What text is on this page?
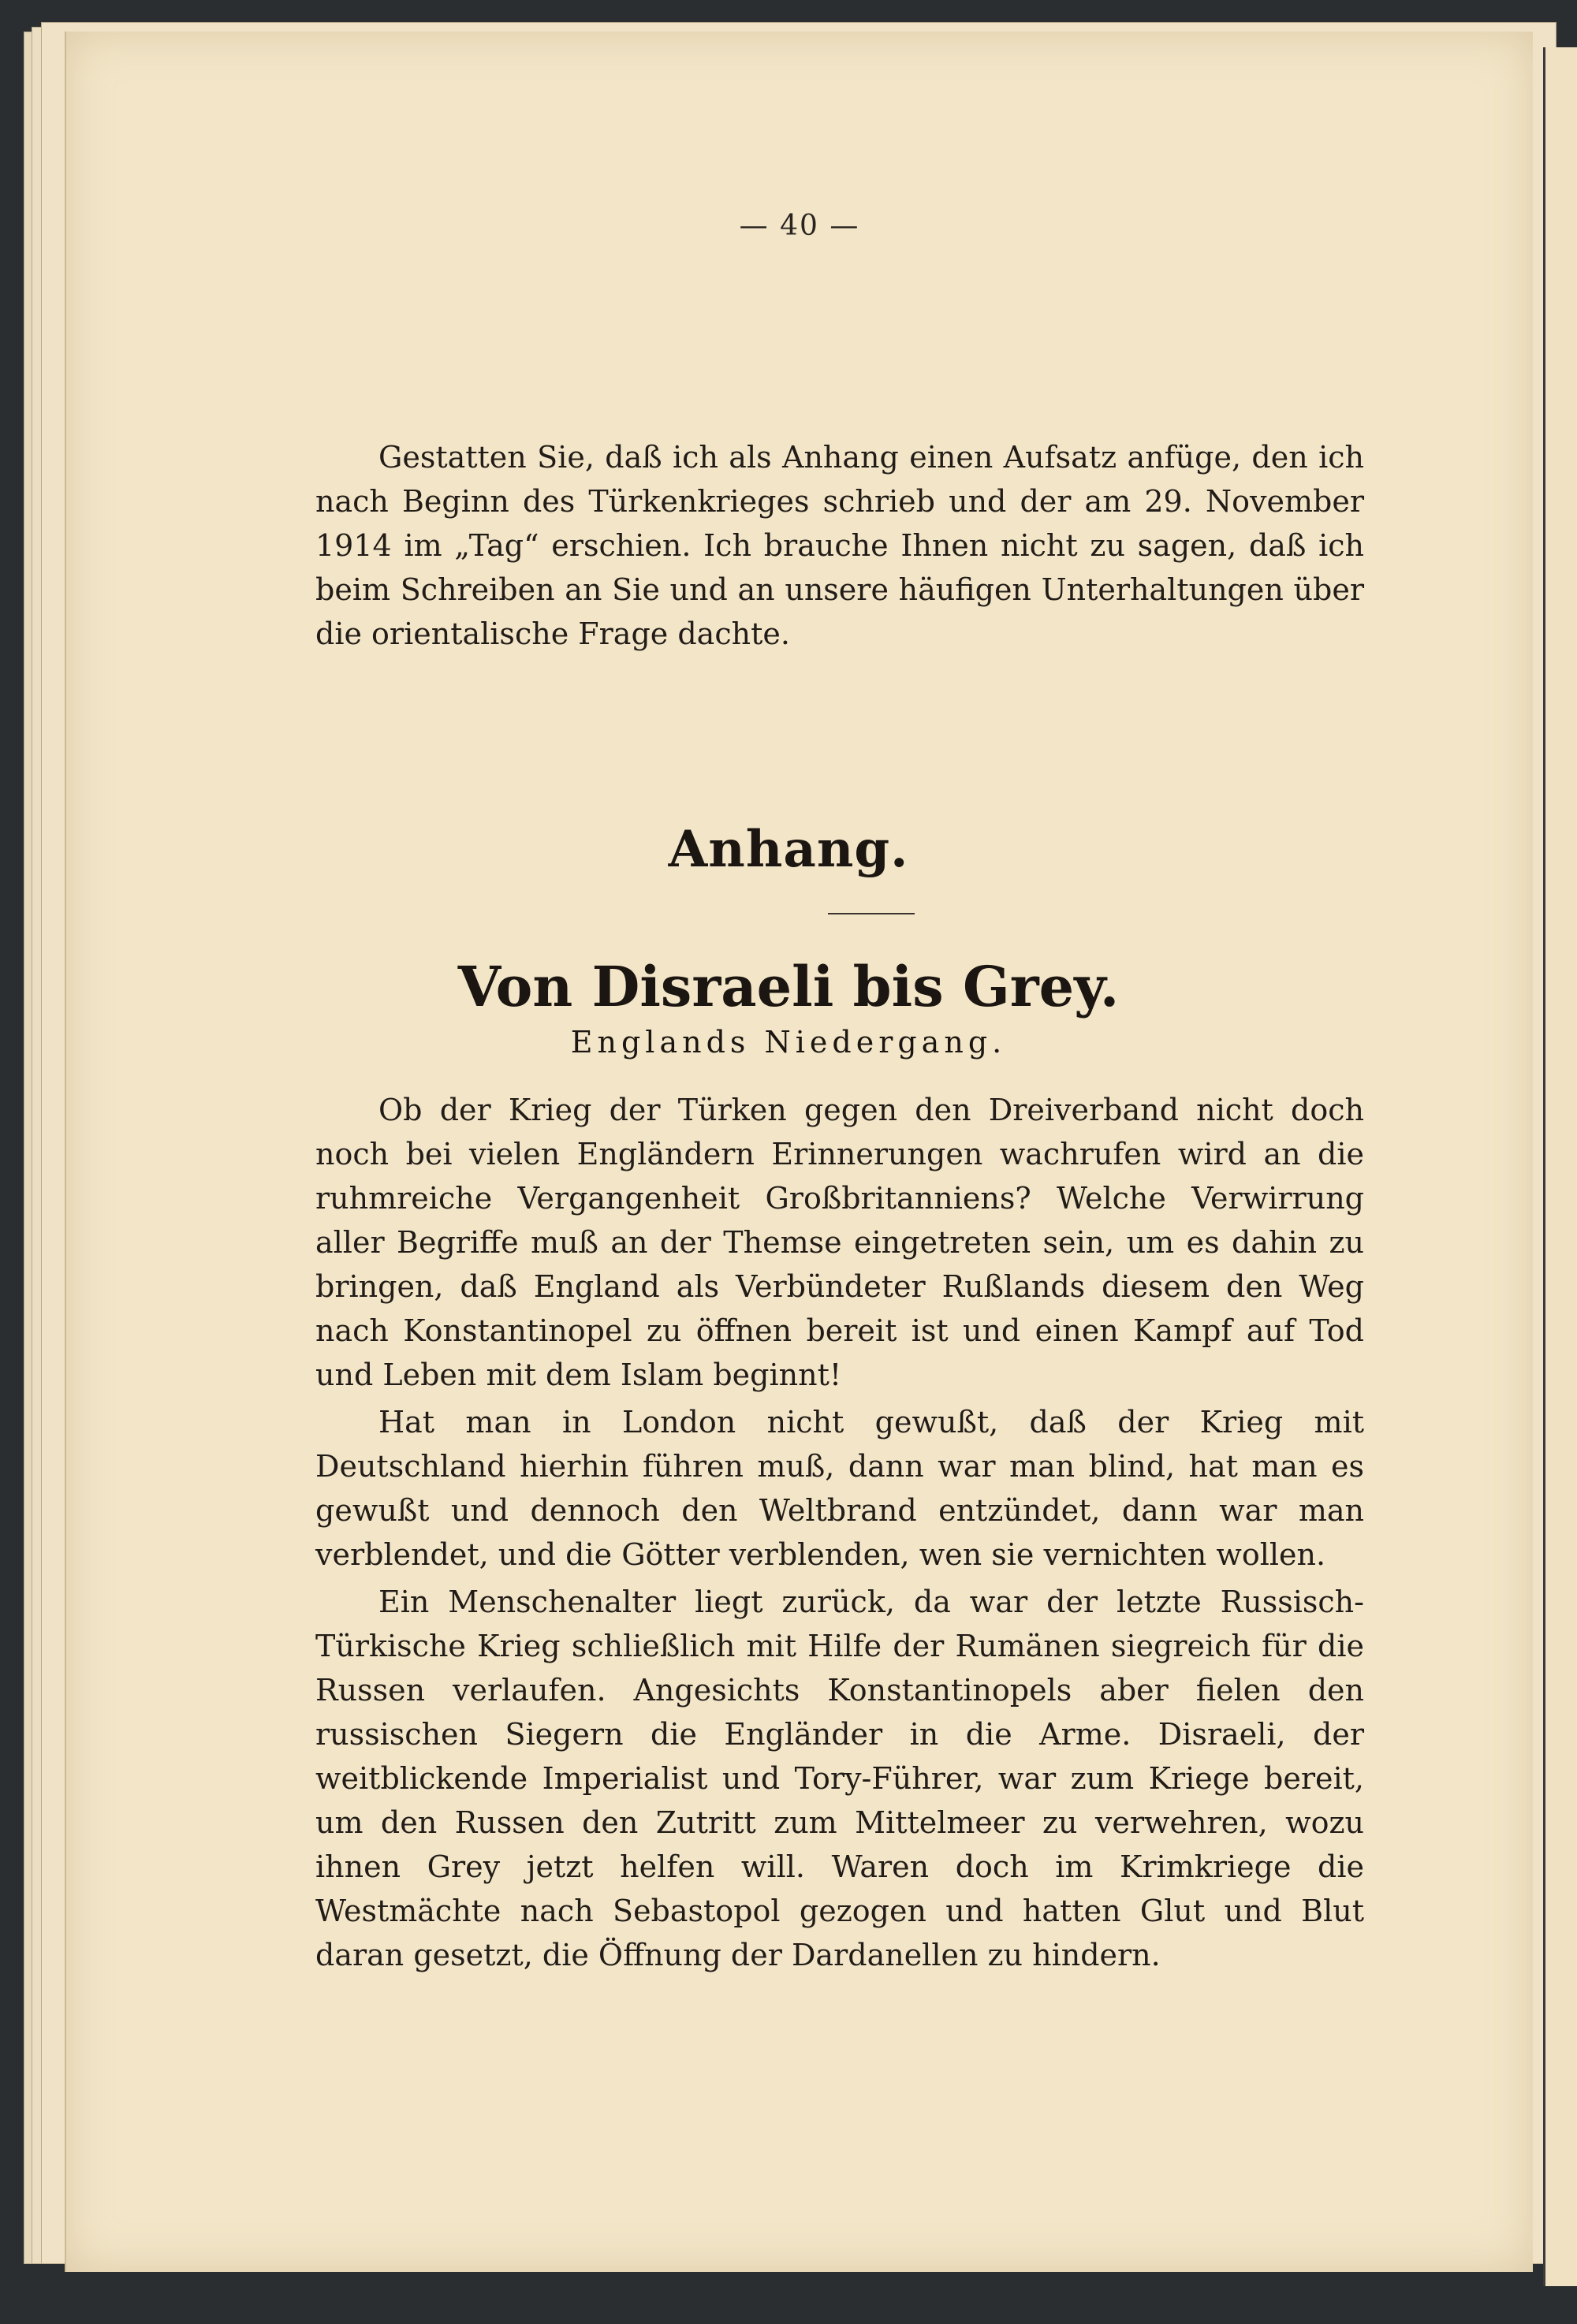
— 40 —

Gestatten Sie, daß ich als Anhang einen Aufsatz anfüge, den ich nach Beginn des Türkenkrieges schrieb und der am 29. November 1914 im „Tag“ erschien. Ich brauche Ihnen nicht zu sagen, daß ich beim Schreiben an Sie und an unsere häufigen Unterhaltungen über die orientalische Frage dachte.

Anhang.
Von Disraeli bis Grey.
Englands Niedergang.

Ob der Krieg der Türken gegen den Dreiverband nicht doch noch bei vielen Engländern Erinnerungen wachrufen wird an die ruhmreiche Vergangenheit Großbritanniens? Welche Verwirrung aller Begriffe muß an der Themse eingetreten sein, um es dahin zu bringen, daß England als Verbündeter Rußlands diesem den Weg nach Konstantinopel zu öffnen bereit ist und einen Kampf auf Tod und Leben mit dem Islam beginnt!

Hat man in London nicht gewußt, daß der Krieg mit Deutschland hierhin führen muß, dann war man blind, hat man es gewußt und dennoch den Weltbrand entzündet, dann war man verblendet, und die Götter verblenden, wen sie vernichten wollen.

Ein Menschenalter liegt zurück, da war der letzte Russisch-Türkische Krieg schließlich mit Hilfe der Rumänen siegreich für die Russen verlaufen. Angesichts Konstantinopels aber fielen den russischen Siegern die Engländer in die Arme. Disraeli, der weitblickende Imperialist und Tory-Führer, war zum Kriege bereit, um den Russen den Zutritt zum Mittelmeer zu verwehren, wozu ihnen Grey jetzt helfen will. Waren doch im Krimkriege die Westmächte nach Sebastopol gezogen und hatten Glut und Blut daran gesetzt, die Öffnung der Dardanellen zu hindern.
